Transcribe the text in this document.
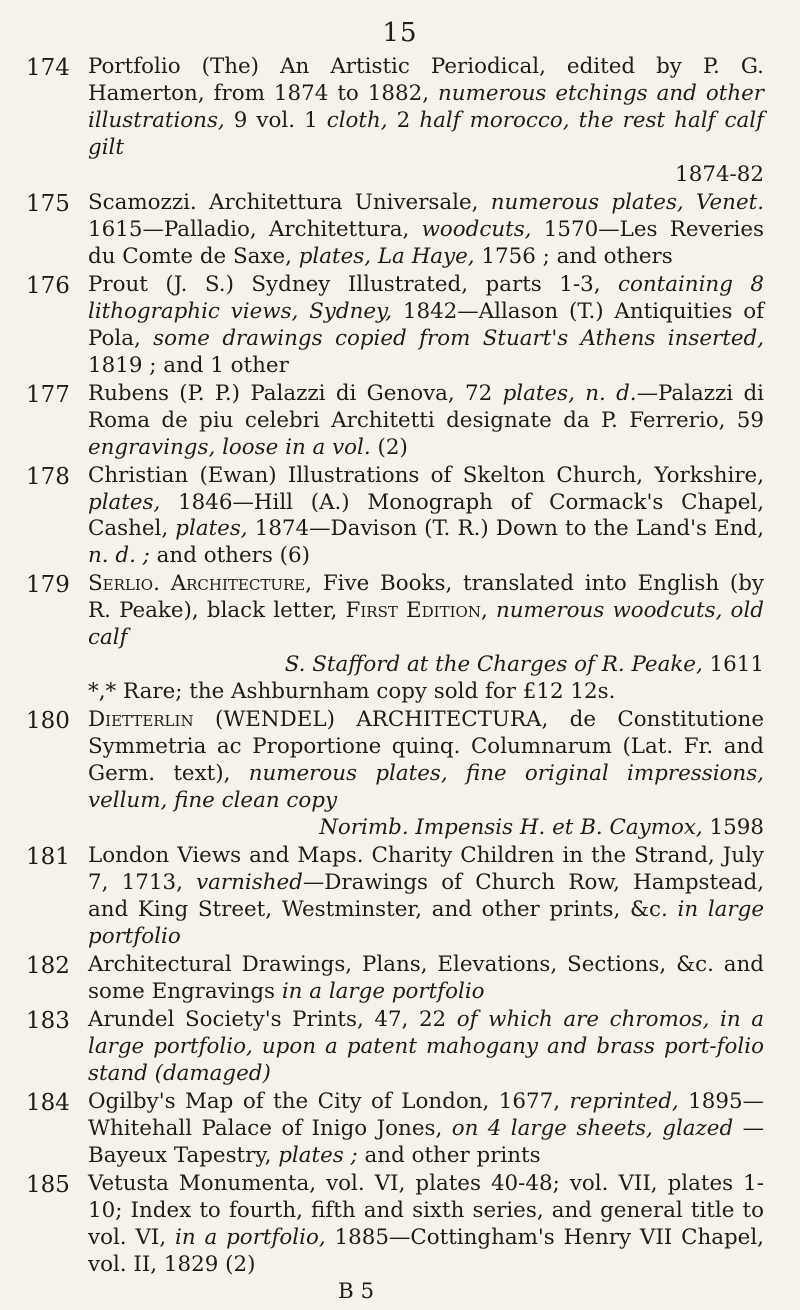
15
174 Portfolio (The) An Artistic Periodical, edited by P. G. Hamerton, from 1874 to 1882, numerous etchings and other illustrations, 9 vol. 1 cloth, 2 half morocco, the rest half calf gilt
1874-82
175 Scamozzi. Architettura Universale, numerous plates, Venet. 1615—Palladio, Architettura, woodcuts, 1570—Les Reveries du Comte de Saxe, plates, La Haye, 1756 ; and others
176 Prout (J. S.) Sydney Illustrated, parts 1-3, containing 8 lithographic views, Sydney, 1842—Allason (T.) Antiquities of Pola, some drawings copied from Stuart's Athens inserted, 1819 ; and 1 other
177 Rubens (P. P.) Palazzi di Genova, 72 plates, n. d.—Palazzi di Roma de piu celebri Architetti designate da P. Ferrerio, 59 engravings, loose in a vol. (2)
178 Christian (Ewan) Illustrations of Skelton Church, Yorkshire, plates, 1846—Hill (A.) Monograph of Cormack's Chapel, Cashel, plates, 1874—Davison (T. R.) Down to the Land's End, n. d. ; and others (6)
179 Serlio. Architecture, Five Books, translated into English (by R. Peake), black letter, First Edition, numerous woodcuts, old calf
S. Stafford at the Charges of R. Peake, 1611
*,* Rare; the Ashburnham copy sold for £12 12s.
180 Dietterlin (WENDEL) ARCHITECTURA, de Constitutione Symmetria ac Proportione quinq. Columnarum (Lat. Fr. and Germ. text), numerous plates, fine original impressions, vellum, fine clean copy
Norimb. Impensis H. et B. Caymox, 1598
181 London Views and Maps. Charity Children in the Strand, July 7, 1713, varnished—Drawings of Church Row, Hampstead, and King Street, Westminster, and other prints, &c. in large portfolio
182 Architectural Drawings, Plans, Elevations, Sections, &c. and some Engravings in a large portfolio
183 Arundel Society's Prints, 47, 22 of which are chromos, in a large portfolio, upon a patent mahogany and brass port-folio stand (damaged)
184 Ogilby's Map of the City of London, 1677, reprinted, 1895—Whitehall Palace of Inigo Jones, on 4 large sheets, glazed — Bayeux Tapestry, plates ; and other prints
185 Vetusta Monumenta, vol. VI, plates 40-48; vol. VII, plates 1-10; Index to fourth, fifth and sixth series, and general title to vol. VI, in a portfolio, 1885—Cottingham's Henry VII Chapel, vol. II, 1829 (2)
B 5
